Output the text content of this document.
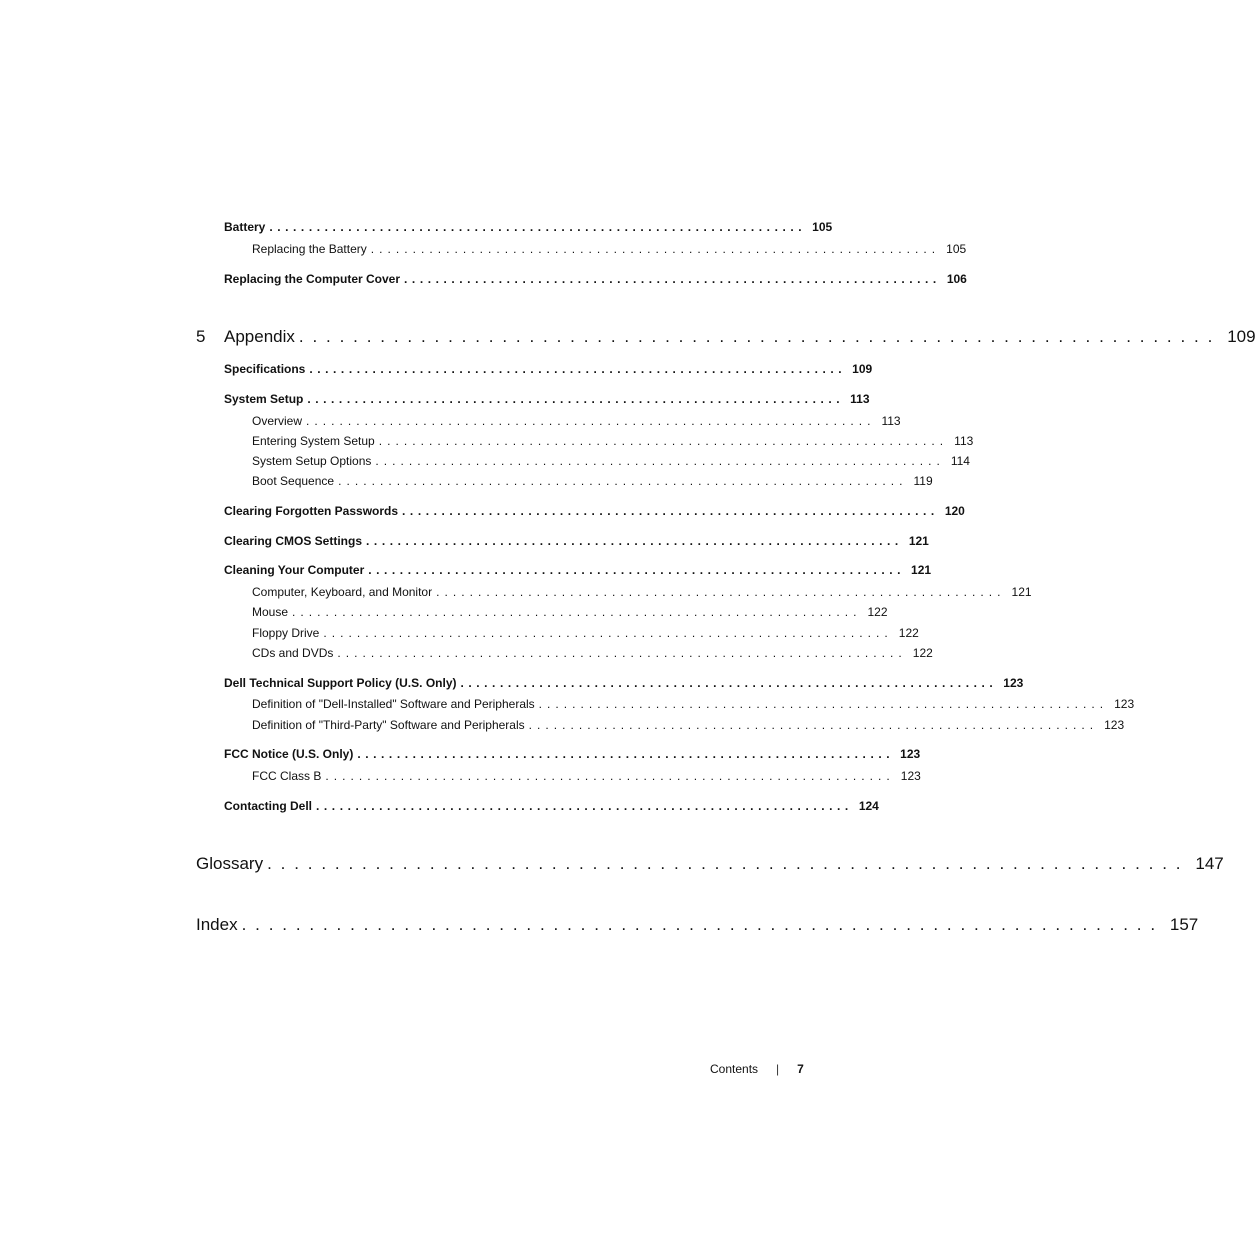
Battery .................................................................... 105
Replacing the Battery .................................................................... 105
Replacing the Computer Cover .................................................................... 106
5 Appendix .................................................................... 109
Specifications .................................................................... 109
System Setup .................................................................... 113
Overview .................................................................... 113
Entering System Setup .................................................................... 113
System Setup Options .................................................................... 114
Boot Sequence .................................................................... 119
Clearing Forgotten Passwords .................................................................... 120
Clearing CMOS Settings .................................................................... 121
Cleaning Your Computer .................................................................... 121
Computer, Keyboard, and Monitor .................................................................... 121
Mouse .................................................................... 122
Floppy Drive .................................................................... 122
CDs and DVDs .................................................................... 122
Dell Technical Support Policy (U.S. Only) .................................................................... 123
Definition of "Dell-Installed" Software and Peripherals .................................................................... 123
Definition of "Third-Party" Software and Peripherals .................................................................... 123
FCC Notice (U.S. Only) .................................................................... 123
FCC Class B .................................................................... 123
Contacting Dell .................................................................... 124
Glossary .................................................................... 147
Index .................................................................... 157
Contents | 7
